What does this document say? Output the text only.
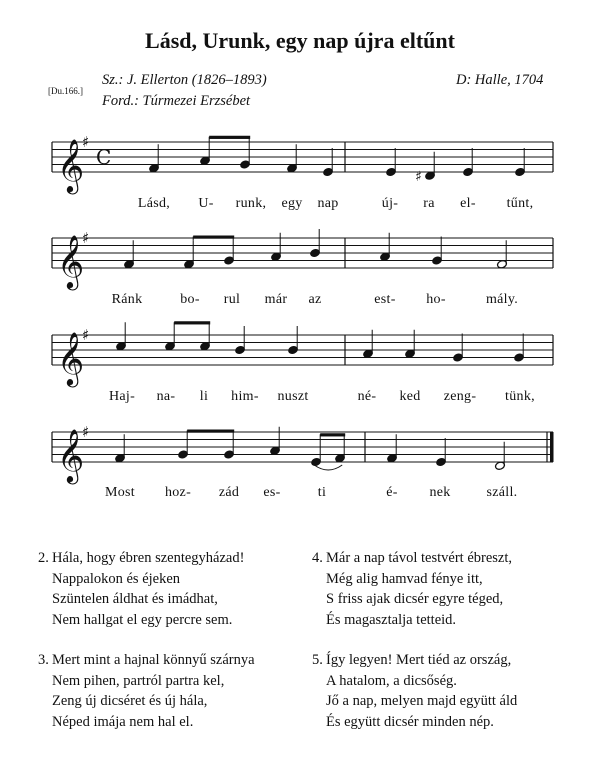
Lásd, Urunk, egy nap újra eltűnt
[Du.166.]
Sz.: J. Ellerton (1826–1893)
Ford.: Túrmezei Erzsébet
D: Halle, 1704
𝄞
♯
C
♯
𝄞
♯
𝄞
♯
𝄞
♯
Lásd, U- runk, egy nap	új- ra el- tűnt,
Ránk	bo- rul már az	est- ho-	mály.
Haj- na- li him- nuszt	né- ked zeng- tünk,
Most hoz- zád es-	ti	é- nek	száll.
2. Hála, hogy ébren szentegyházad!
Nappalokon és éjeken
Szüntelen áldhat és imádhat,
Nem hallgat el egy percre sem.
4. Már a nap távol testvért ébreszt,
Még alig hamvad fénye itt,
S friss ajak dicsér egyre téged,
És magasztalja tetteid.
3. Mert mint a hajnal könnyű szárnya
Nem pihen, partról partra kel,
Zeng új dicséret és új hála,
Néped imája nem hal el.
5. Így legyen! Mert tiéd az ország,
A hatalom, a dicsőség.
Jő a nap, melyen majd együtt áld
És együtt dicsér minden nép.
